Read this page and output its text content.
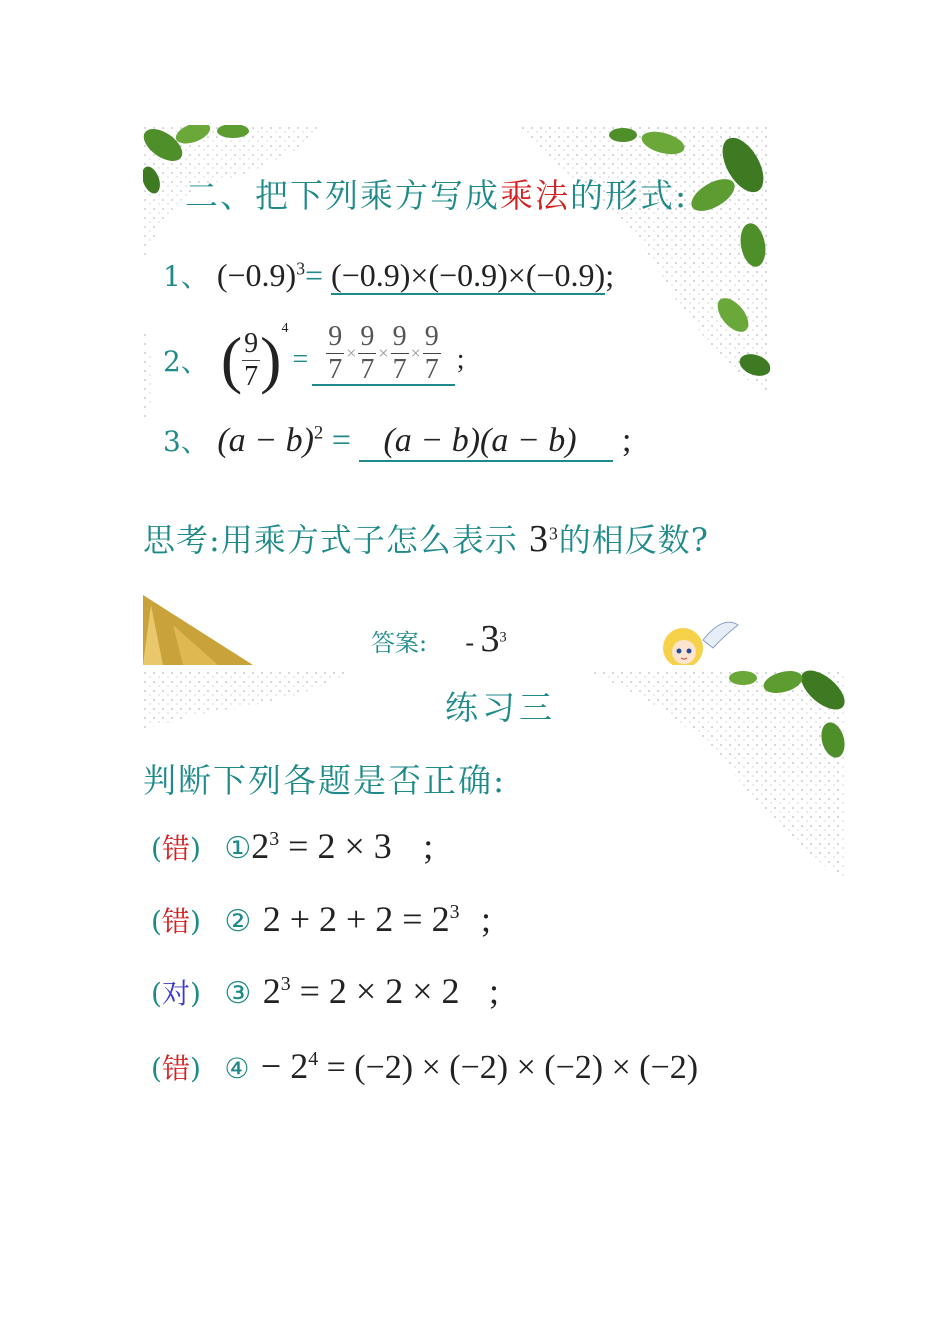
二、把下列乘方写成乘法的形式:
1、 $(-0.9)^3= (-0.9)\times(-0.9)\times(-0.9)$;
2、 ( $\frac{9}{7} )^4$
= $\frac{9}{7} \times \frac{9}{7} \times \frac{9}{7} \times \frac{9}{7}$ ;
3、 $(a - b)^2 = (a - b)(a - b)$ ;
思考:用乘方式子怎么表示 $3^3$的相反数?
答案: - $3^3$
练习三
判断下列各题是否正确:
(错) $①2^3 = 2 \times 3$ ;
(错) ② $2 + 2 + 2 = 2^3$ ;
(对) ③ $2^3 = 2 \times 2 \times 2$ ;
(错) ④ − $2^4 = (-2) \times (-2) \times (-2) \times (-2)$
